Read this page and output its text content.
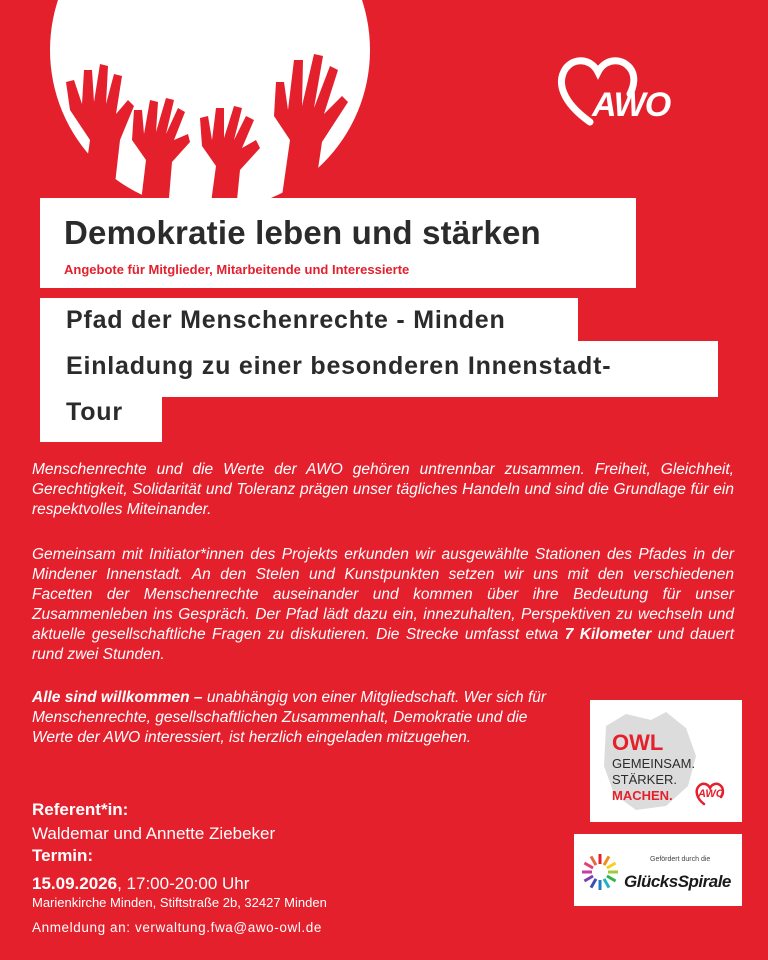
AWO
Demokratie leben und stärken
Angebote für Mitglieder, Mitarbeitende und Interessierte
Pfad der Menschenrechte - Minden
Einladung zu einer besonderen Innenstadt-
Tour
Menschenrechte und die Werte der AWO gehören untrennbar zusammen. Freiheit, Gleichheit, Gerechtigkeit, Solidarität und Toleranz prägen unser tägliches Handeln und sind die Grundlage für ein respektvolles Miteinander.
Gemeinsam mit Initiator*innen des Projekts erkunden wir ausgewählte Stationen des Pfades in der Mindener Innenstadt. An den Stelen und Kunstpunkten setzen wir uns mit den verschiedenen Facetten der Menschenrechte auseinander und kommen über ihre Bedeutung für unser Zusammenleben ins Gespräch. Der Pfad lädt dazu ein, innezuhalten, Perspektiven zu wechseln und aktuelle gesellschaftliche Fragen zu diskutieren. Die Strecke umfasst etwa 7 Kilometer und dauert rund zwei Stunden.
Alle sind willkommen – unabhängig von einer Mitgliedschaft. Wer sich für Menschenrechte, gesellschaftlichen Zusammenhalt, Demokratie und die Werte der AWO interessiert, ist herzlich eingeladen mitzugehen.
Referent*in:
Waldemar und Annette Ziebeker
Termin:
15.09.2026, 17:00-20:00 Uhr
Marienkirche Minden, Stiftstraße 2b, 32427 Minden
Anmeldung an: verwaltung.fwa@awo-owl.de
OWL
GEMEINSAM.
STÄRKER.
MACHEN. AWO
Gefördert durch die
GlücksSpirale
